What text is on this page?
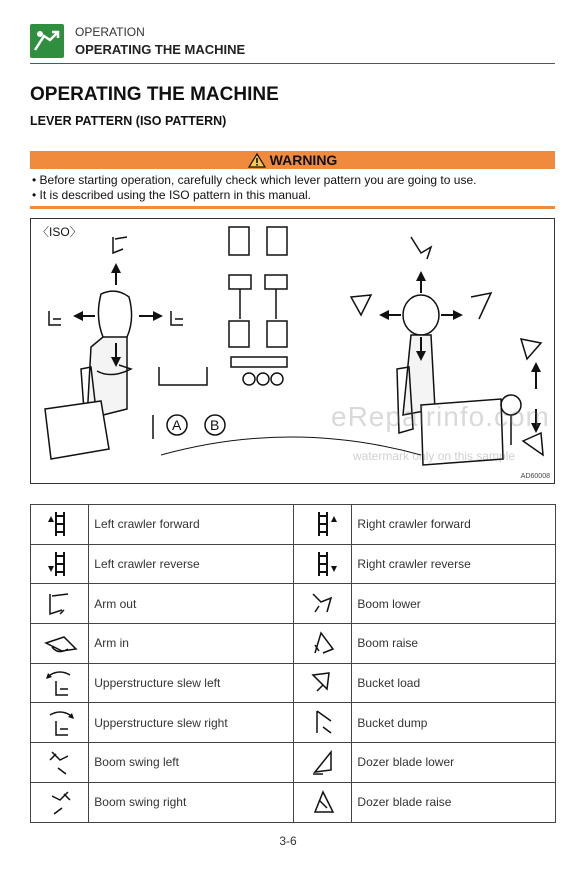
OPERATION
OPERATING THE MACHINE
OPERATING THE MACHINE
LEVER PATTERN (ISO PATTERN)
WARNING
• Before starting operation, carefully check which lever pattern you are going to use.
• It is described using the ISO pattern in this manual.
〈ISO〉
A B	eRepairinfo.com
watermark only on this sample
AD60008
	Left crawler forward		Right crawler forward

	Left crawler reverse		Right crawler reverse

	Arm out		Boom lower

	Arm in		Boom raise

	Upperstructure slew left		Bucket load

	Upperstructure slew right		Bucket dump

	Boom swing left		Dozer blade lower

	Boom swing right		Dozer blade raise
3-6
